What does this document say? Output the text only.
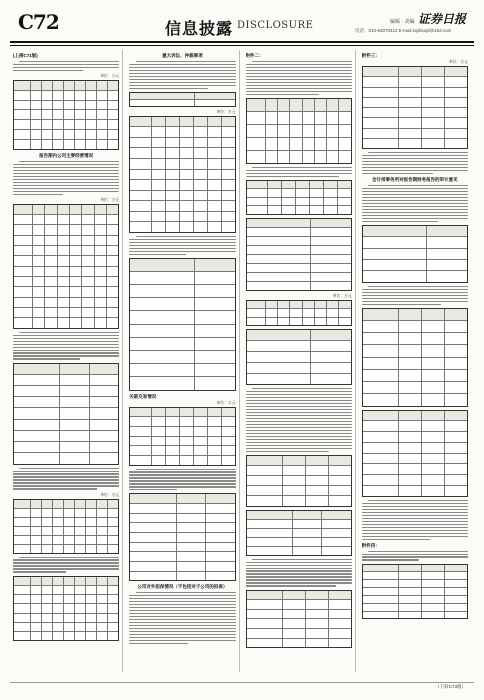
C72	信息披露 DISCLOSURE	编辑 · 美编
电话：010-63070412 E-mail:zqrbxxpl@163.com
证券日报
(上接C71版)
单位：万元
报告期内公司主要经营情况
单位：万元
单位：万元
重大诉讼、仲裁事项
单位：万元
关联交易情况
单位：万元
公司对外担保情况（不包括对子公司的担保）
附件二：
单位：万元
附件三：
单位：万元
会计师事务所对报告期财务报告的审计意见
附件四：
（下转C73版）
